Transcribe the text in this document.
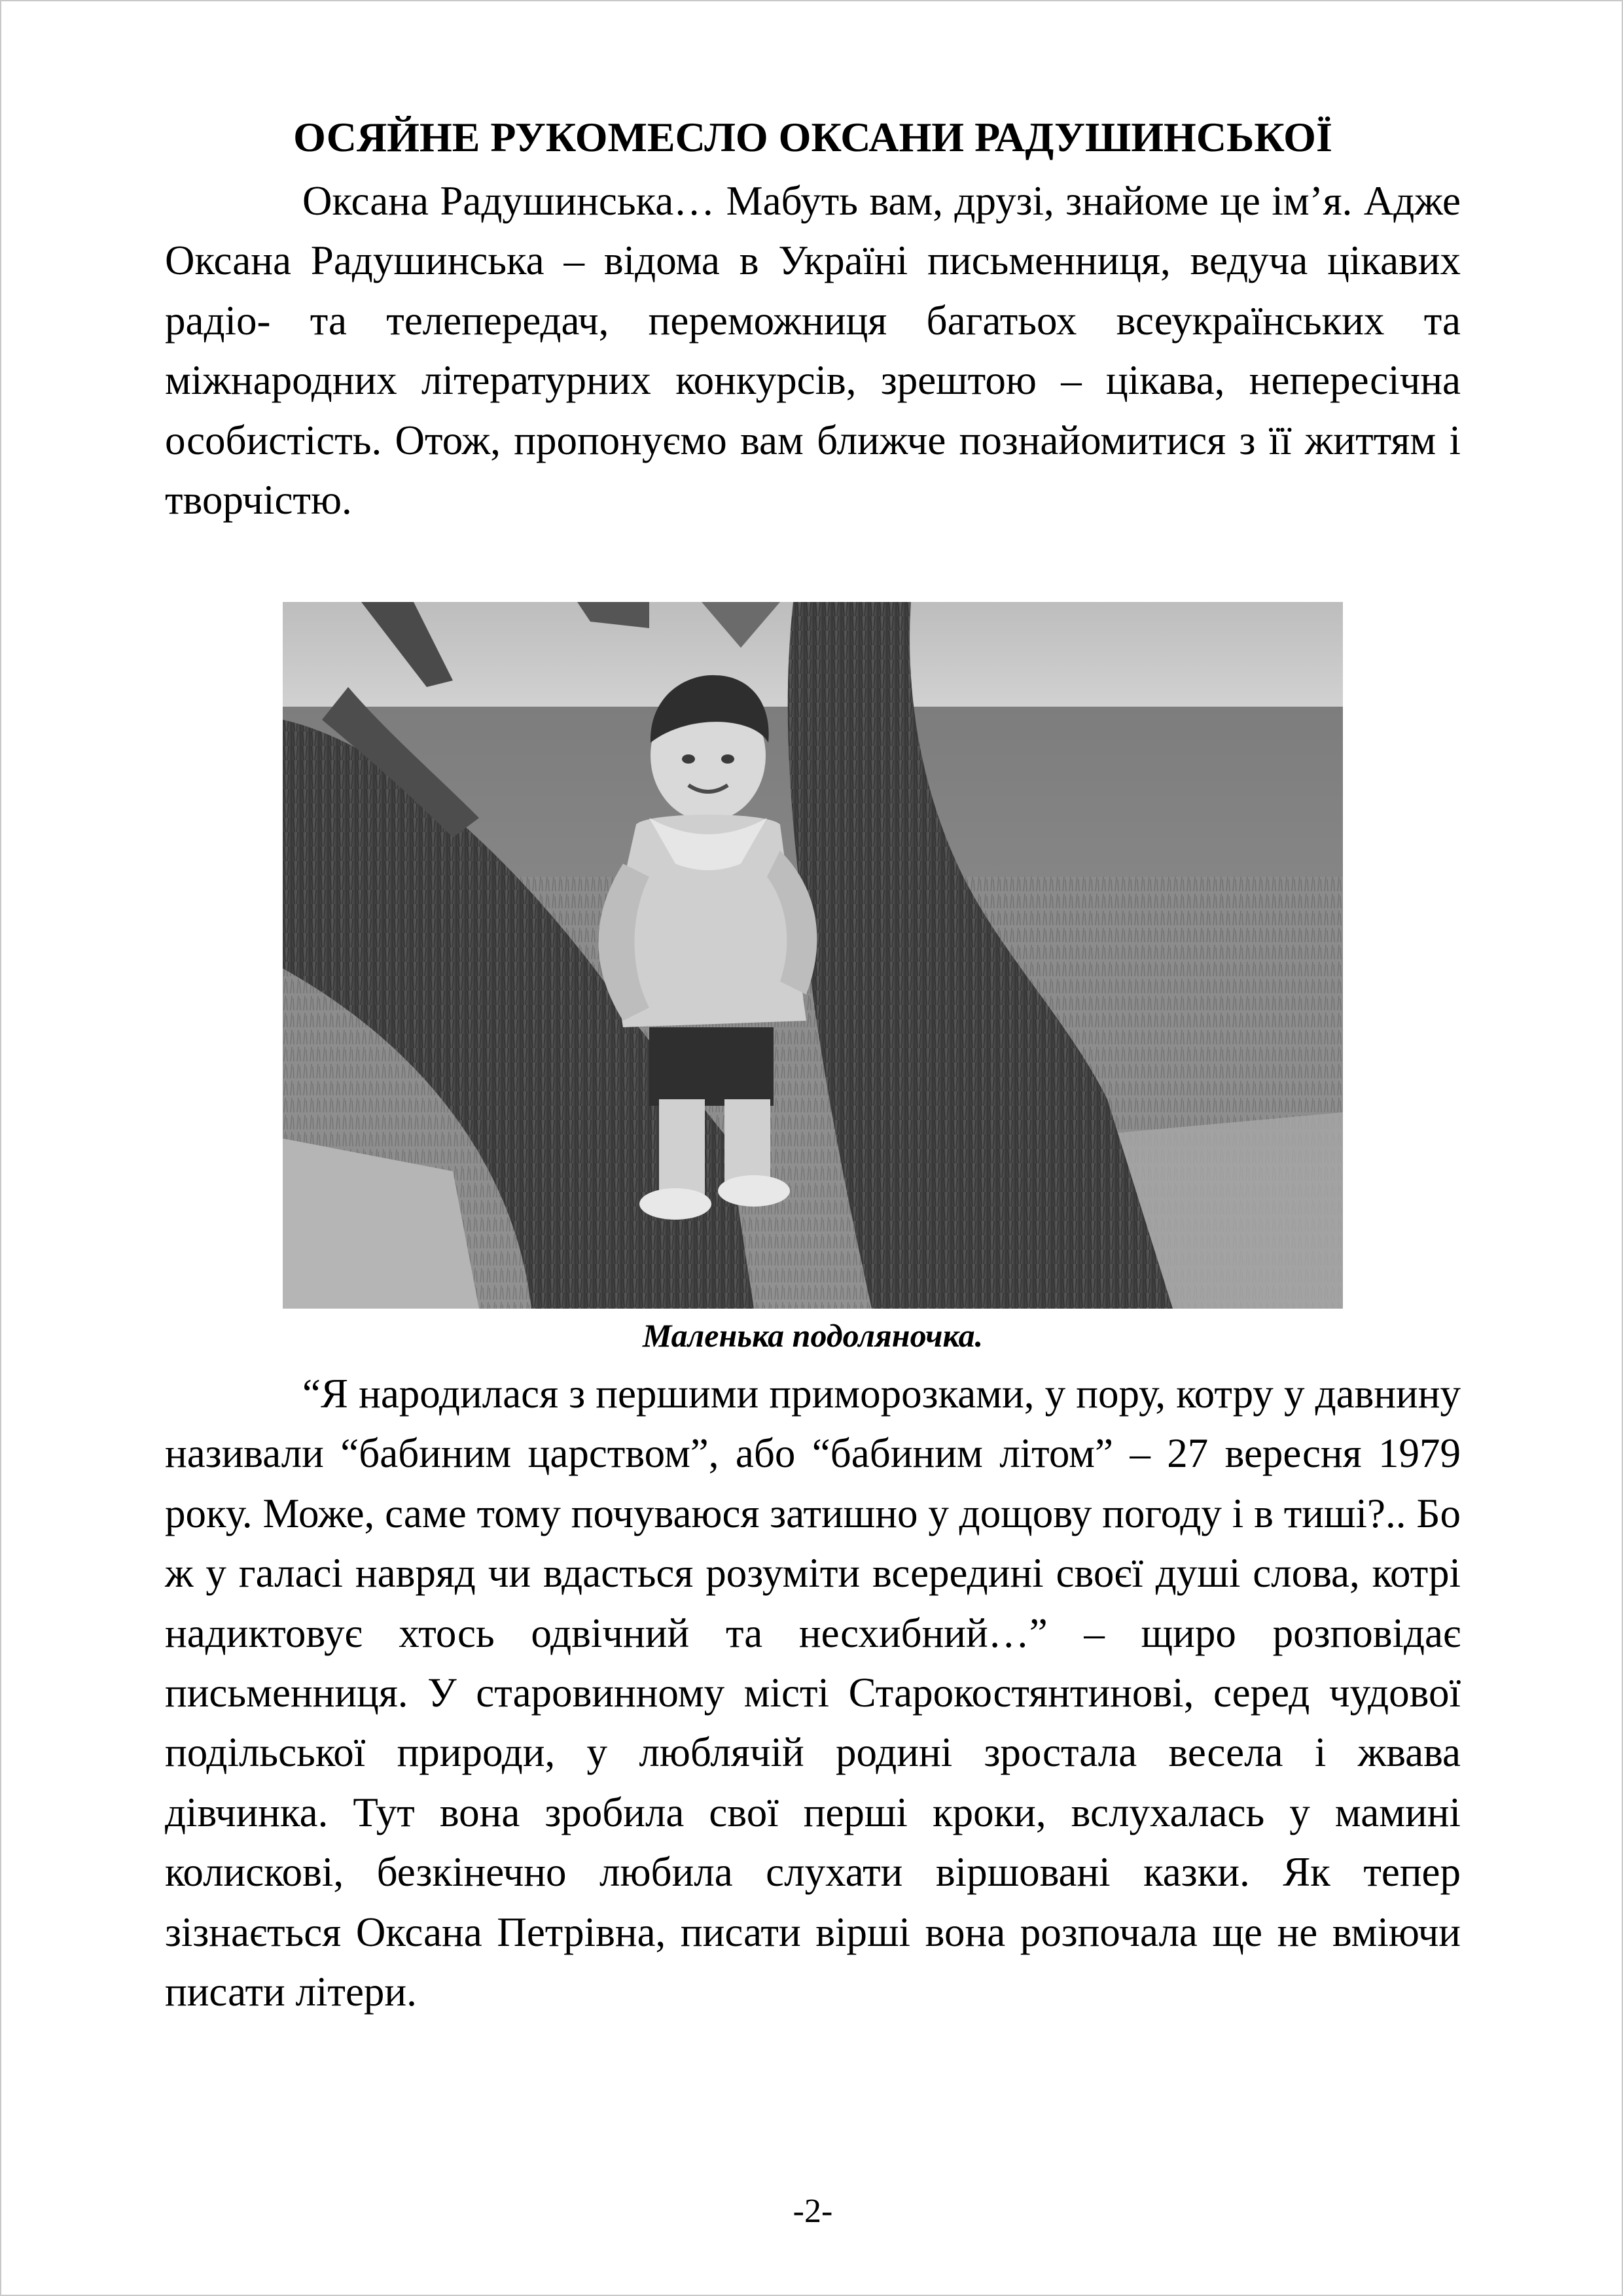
ОСЯЙНЕ РУКОМЕСЛО ОКСАНИ РАДУШИНСЬКОЇ

Оксана Радушинська… Мабуть вам, друзі, знайоме це ім’я. Адже Оксана Радушинська – відома в Україні письменниця, ведуча цікавих радіо- та телепередач, переможниця багатьох всеукраїнських та міжнародних літературних конкурсів, зрештою – цікава, непересічна особистість. Отож, пропонуємо вам ближче познайомитися з її життям і творчістю.

Маленька подоляночка.

“Я народилася з першими приморозками, у пору, котру у давнину називали “бабиним царством”, або “бабиним літом” – 27 вересня 1979 року. Може, саме тому почуваюся затишно у дощову погоду і в тиші?.. Бо ж у галасі навряд чи вдасться розуміти всередині своєї душі слова, котрі надиктовує хтось одвічний та несхибний…” – щиро розповідає письменниця. У старовинному місті Старокостянтинові, серед чудової подільської природи, у люблячій родині зростала весела і жвава дівчинка. Тут вона зробила свої перші кроки, вслухалась у мамині колискові, безкінечно любила слухати віршовані казки. Як тепер зізнається Оксана Петрівна, писати вірші вона розпочала ще не вміючи писати літери.

-2-
